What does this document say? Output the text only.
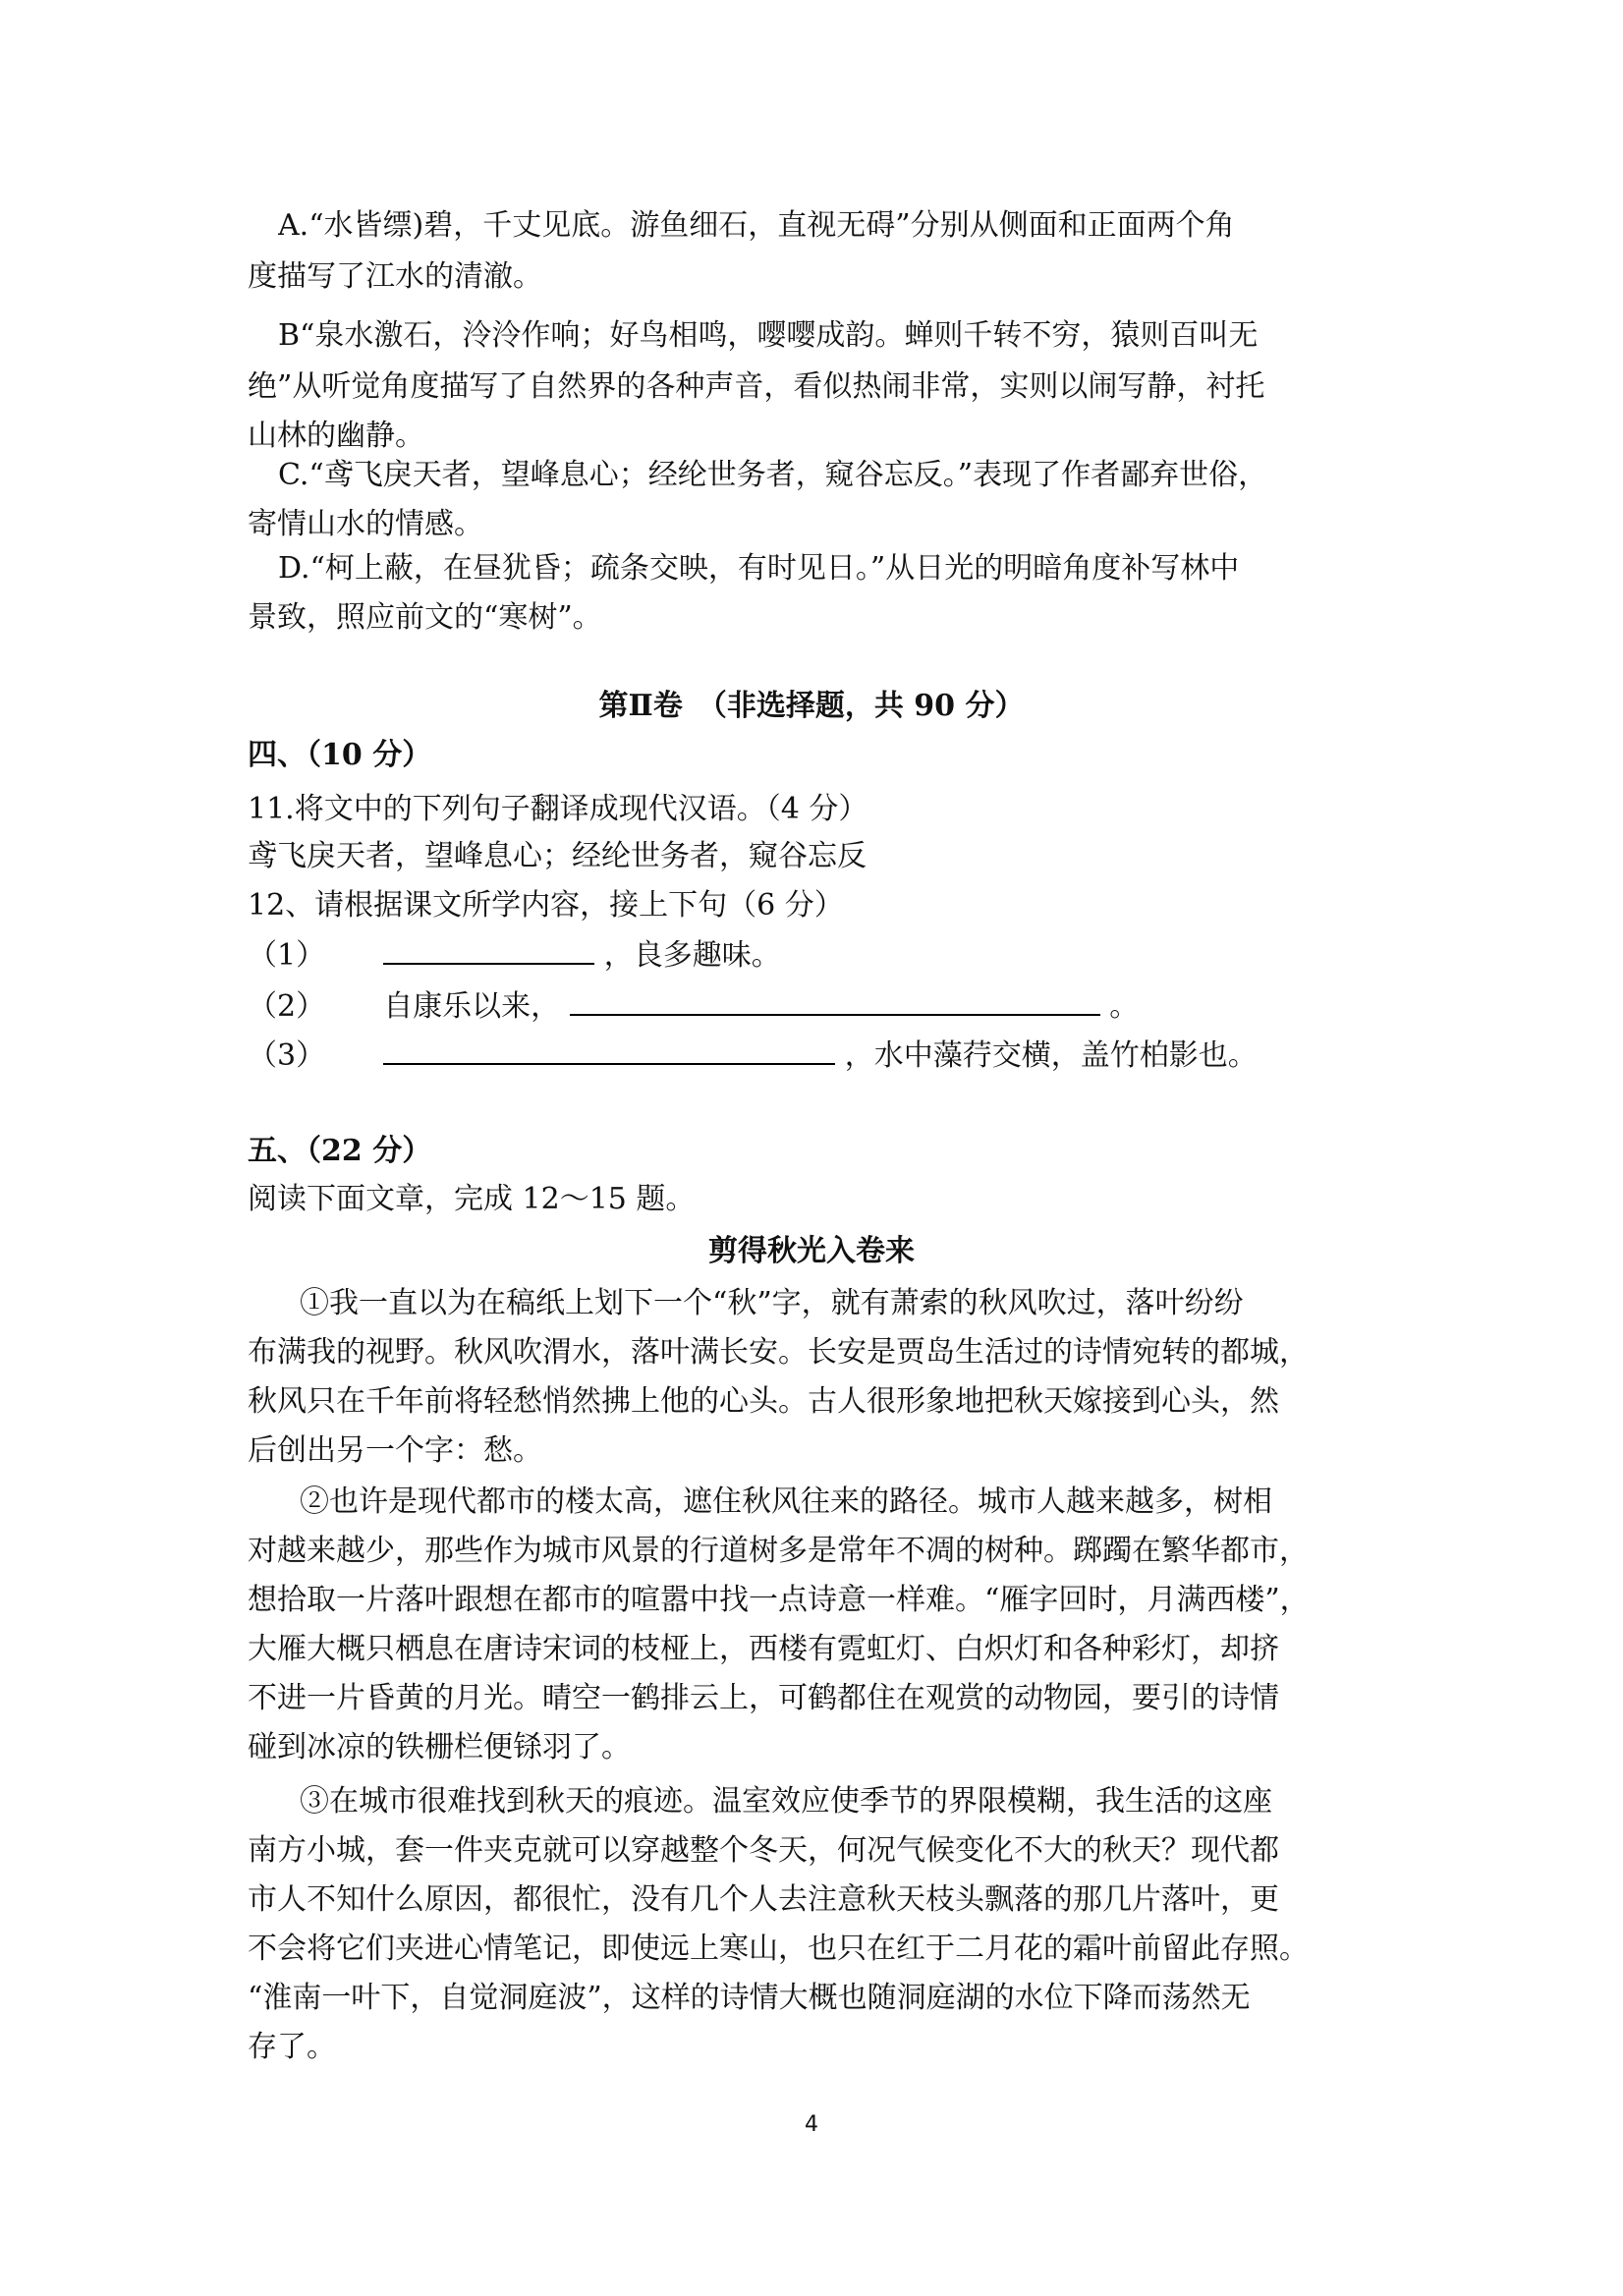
A.“水皆缥)碧，千丈见底。游鱼细石，直视无碍”分别从侧面和正面两个角
度描写了江水的清澈。
B“泉水激石，泠泠作响；好鸟相鸣，嘤嘤成韵。蝉则千转不穷，猿则百叫无
绝”从听觉角度描写了自然界的各种声音，看似热闹非常，实则以闹写静，衬托
山林的幽静。
C.“鸢飞戾天者，望峰息心；经纶世务者，窥谷忘反。”表现了作者鄙弃世俗，
寄情山水的情感。
D.“柯上蔽，在昼犹昏；疏条交映，有时见日。”从日光的明暗角度补写林中
景致，照应前文的“寒树”。
第Ⅱ卷　（非选择题，共 90 分）
四、（10 分）
11.将文中的下列句子翻译成现代汉语。（4 分）
鸢飞戾天者，望峰息心；经纶世务者，窥谷忘反
12、请根据课文所学内容，接上下句（6 分）
（1）	，良多趣味。
（2） 自康乐以来，	。
（3）	，水中藻荇交横，盖竹柏影也。
五、（22 分）
阅读下面文章，完成 12～15 题。
剪得秋光入卷来
①我一直以为在稿纸上划下一个“秋”字，就有萧索的秋风吹过，落叶纷纷
布满我的视野。秋风吹渭水，落叶满长安。长安是贾岛生活过的诗情宛转的都城，
秋风只在千年前将轻愁悄然拂上他的心头。古人很形象地把秋天嫁接到心头，然
后创出另一个字：愁。
②也许是现代都市的楼太高，遮住秋风往来的路径。城市人越来越多，树相
对越来越少，那些作为城市风景的行道树多是常年不凋的树种。踯躅在繁华都市，
想拾取一片落叶跟想在都市的喧嚣中找一点诗意一样难。“雁字回时，月满西楼”，
大雁大概只栖息在唐诗宋词的枝桠上，西楼有霓虹灯、白炽灯和各种彩灯，却挤
不进一片昏黄的月光。晴空一鹤排云上，可鹤都住在观赏的动物园，要引的诗情
碰到冰凉的铁栅栏便铩羽了。
③在城市很难找到秋天的痕迹。温室效应使季节的界限模糊，我生活的这座
南方小城，套一件夹克就可以穿越整个冬天，何况气候变化不大的秋天？现代都
市人不知什么原因，都很忙，没有几个人去注意秋天枝头飘落的那几片落叶，更
不会将它们夹进心情笔记，即使远上寒山，也只在红于二月花的霜叶前留此存照。
“淮南一叶下，自觉洞庭波”，这样的诗情大概也随洞庭湖的水位下降而荡然无
存了。
4
